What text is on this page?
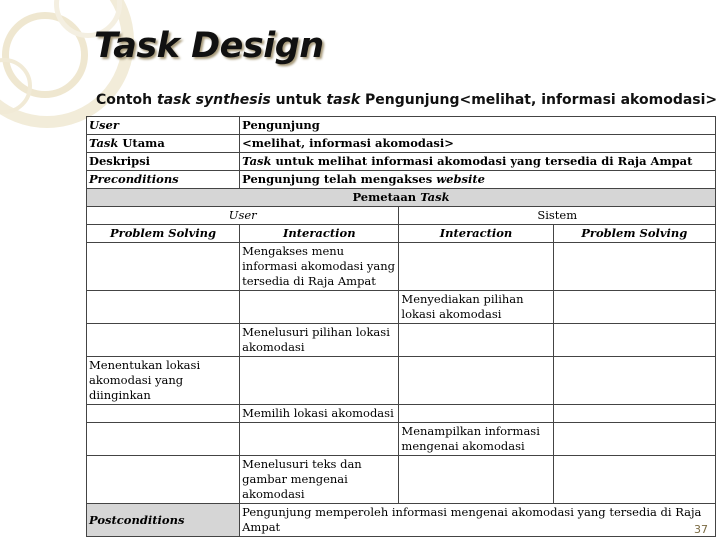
Task Design
Contoh task synthesis untuk task Pengunjung<melihat, informasi akomodasi>
User	Pengunjung		
Task Utama	<melihat, informasi akomodasi>		
Deskripsi	Task untuk melihat informasi akomodasi yang tersedia di Raja Ampat		
Preconditions	Pengunjung telah mengakses website		
Pemetaan Task			
User		Sistem	
Problem Solving	Interaction	Interaction	Problem Solving
	Mengakses menu informasi akomodasi yang tersedia di Raja Ampat		
		Menyediakan pilihan lokasi akomodasi	
	Menelusuri pilihan lokasi akomodasi		
Menentukan lokasi akomodasi yang diinginkan			
	Memilih lokasi akomodasi		
		Menampilkan informasi mengenai akomodasi	
	Menelusuri teks dan gambar mengenai akomodasi		
Postconditions	Pengunjung memperoleh informasi mengenai akomodasi yang tersedia di Raja Ampat			37
